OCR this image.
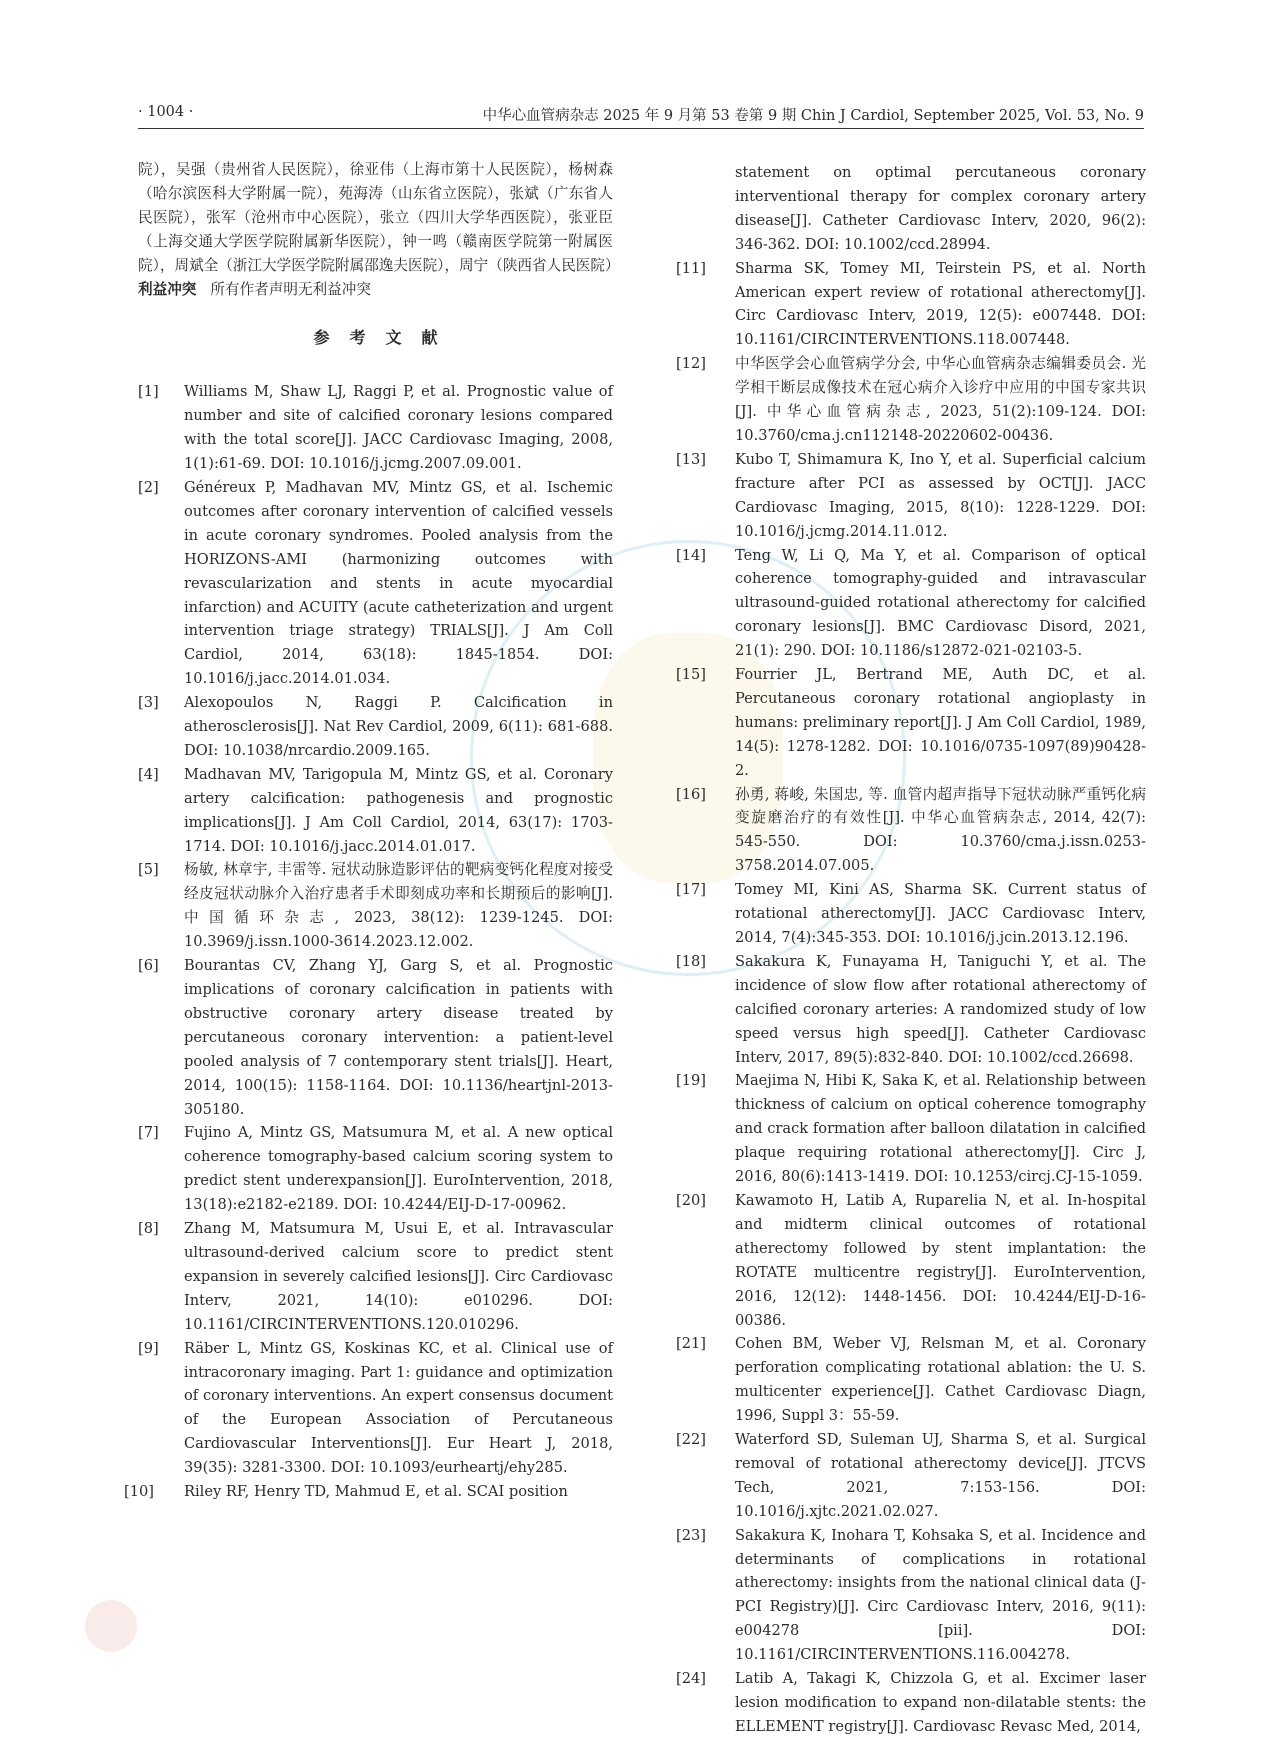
· 1004 ·	中华心血管病杂志 2025 年 9 月第 53 卷第 9 期 Chin J Cardiol, September 2025, Vol. 53, No. 9
院），吴强（贵州省人民医院），徐亚伟（上海市第十人民医院），杨树森（哈尔滨医科大学附属一院），苑海涛（山东省立医院），张斌（广东省人民医院），张军（沧州市中心医院），张立（四川大学华西医院），张亚臣（上海交通大学医学院附属新华医院），钟一鸣（赣南医学院第一附属医院），周斌全（浙江大学医学院附属邵逸夫医院），周宁（陕西省人民医院）
利益冲突 所有作者声明无利益冲突
参考文献
[1]	Williams M, Shaw LJ, Raggi P, et al. Prognostic value of number and site of calcified coronary lesions compared with the total score[J]. JACC Cardiovasc Imaging, 2008, 1(1):61-69. DOI: 10.1016/j.jcmg.2007.09.001.
[2]	Généreux P, Madhavan MV, Mintz GS, et al. Ischemic outcomes after coronary intervention of calcified vessels in acute coronary syndromes. Pooled analysis from the HORIZONS-AMI (harmonizing outcomes with revascularization and stents in acute myocardial infarction) and ACUITY (acute catheterization and urgent intervention triage strategy) TRIALS[J]. J Am Coll Cardiol, 2014, 63(18): 1845-1854. DOI: 10.1016/j.jacc.2014.01.034.
[3]	Alexopoulos N, Raggi P. Calcification in atherosclerosis[J]. Nat Rev Cardiol, 2009, 6(11): 681-688. DOI: 10.1038/nrcardio.2009.165.
[4]	Madhavan MV, Tarigopula M, Mintz GS, et al. Coronary artery calcification: pathogenesis and prognostic implications[J]. J Am Coll Cardiol, 2014, 63(17): 1703-1714. DOI: 10.1016/j.jacc.2014.01.017.
[5]	杨敏, 林章宇, 丰雷等. 冠状动脉造影评估的靶病变钙化程度对接受经皮冠状动脉介入治疗患者手术即刻成功率和长期预后的影响[J]. 中国循环杂志, 2023, 38(12): 1239-1245. DOI: 10.3969/j.issn.1000-3614.2023.12.002.
[6]	Bourantas CV, Zhang YJ, Garg S, et al. Prognostic implications of coronary calcification in patients with obstructive coronary artery disease treated by percutaneous coronary intervention: a patient-level pooled analysis of 7 contemporary stent trials[J]. Heart, 2014, 100(15): 1158-1164. DOI: 10.1136/heartjnl-2013-305180.
[7]	Fujino A, Mintz GS, Matsumura M, et al. A new optical coherence tomography-based calcium scoring system to predict stent underexpansion[J]. EuroIntervention, 2018, 13(18):e2182-e2189. DOI: 10.4244/EIJ-D-17-00962.
[8]	Zhang M, Matsumura M, Usui E, et al. Intravascular ultrasound-derived calcium score to predict stent expansion in severely calcified lesions[J]. Circ Cardiovasc Interv, 2021, 14(10): e010296. DOI: 10.1161/CIRCINTERVENTIONS.120.010296.
[9]	Räber L, Mintz GS, Koskinas KC, et al. Clinical use of intracoronary imaging. Part 1: guidance and optimization of coronary interventions. An expert consensus document of the European Association of Percutaneous Cardiovascular Interventions[J]. Eur Heart J, 2018, 39(35): 3281-3300. DOI: 10.1093/eurheartj/ehy285.
[10]	Riley RF, Henry TD, Mahmud E, et al. SCAI position
statement on optimal percutaneous coronary interventional therapy for complex coronary artery disease[J]. Catheter Cardiovasc Interv, 2020, 96(2): 346-362. DOI: 10.1002/ccd.28994.
[11]	Sharma SK, Tomey MI, Teirstein PS, et al. North American expert review of rotational atherectomy[J]. Circ Cardiovasc Interv, 2019, 12(5): e007448. DOI: 10.1161/CIRCINTERVENTIONS.118.007448.
[12]	中华医学会心血管病学分会, 中华心血管病杂志编辑委员会. 光学相干断层成像技术在冠心病介入诊疗中应用的中国专家共识[J]. 中华心血管病杂志, 2023, 51(2):109-124. DOI: 10.3760/cma.j.cn112148-20220602-00436.
[13]	Kubo T, Shimamura K, Ino Y, et al. Superficial calcium fracture after PCI as assessed by OCT[J]. JACC Cardiovasc Imaging, 2015, 8(10): 1228-1229. DOI: 10.1016/j.jcmg.2014.11.012.
[14]	Teng W, Li Q, Ma Y, et al. Comparison of optical coherence tomography-guided and intravascular ultrasound-guided rotational atherectomy for calcified coronary lesions[J]. BMC Cardiovasc Disord, 2021, 21(1): 290. DOI: 10.1186/s12872-021-02103-5.
[15]	Fourrier JL, Bertrand ME, Auth DC, et al. Percutaneous coronary rotational angioplasty in humans: preliminary report[J]. J Am Coll Cardiol, 1989, 14(5): 1278-1282. DOI: 10.1016/0735-1097(89)90428-2.
[16]	孙勇, 蒋峻, 朱国忠, 等. 血管内超声指导下冠状动脉严重钙化病变旋磨治疗的有效性[J]. 中华心血管病杂志, 2014, 42(7): 545-550. DOI: 10.3760/cma.j.issn.0253-3758.2014.07.005.
[17]	Tomey MI, Kini AS, Sharma SK. Current status of rotational atherectomy[J]. JACC Cardiovasc Interv, 2014, 7(4):345-353. DOI: 10.1016/j.jcin.2013.12.196.
[18]	Sakakura K, Funayama H, Taniguchi Y, et al. The incidence of slow flow after rotational atherectomy of calcified coronary arteries: A randomized study of low speed versus high speed[J]. Catheter Cardiovasc Interv, 2017, 89(5):832-840. DOI: 10.1002/ccd.26698.
[19]	Maejima N, Hibi K, Saka K, et al. Relationship between thickness of calcium on optical coherence tomography and crack formation after balloon dilatation in calcified plaque requiring rotational atherectomy[J]. Circ J, 2016, 80(6):1413-1419. DOI: 10.1253/circj.CJ-15-1059.
[20]	Kawamoto H, Latib A, Ruparelia N, et al. In-hospital and midterm clinical outcomes of rotational atherectomy followed by stent implantation: the ROTATE multicentre registry[J]. EuroIntervention, 2016, 12(12): 1448-1456. DOI: 10.4244/EIJ-D-16-00386.
[21]	Cohen BM, Weber VJ, Relsman M, et al. Coronary perforation complicating rotational ablation: the U. S. multicenter experience[J]. Cathet Cardiovasc Diagn, 1996, Suppl 3：55-59.
[22]	Waterford SD, Suleman UJ, Sharma S, et al. Surgical removal of rotational atherectomy device[J]. JTCVS Tech, 2021, 7:153-156. DOI: 10.1016/j.xjtc.2021.02.027.
[23]	Sakakura K, Inohara T, Kohsaka S, et al. Incidence and determinants of complications in rotational atherectomy: insights from the national clinical data (J-PCI Registry)[J]. Circ Cardiovasc Interv, 2016, 9(11): e004278 [pii]. DOI: 10.1161/CIRCINTERVENTIONS.116.004278.
[24]	Latib A, Takagi K, Chizzola G, et al. Excimer laser lesion modification to expand non-dilatable stents: the ELLEMENT registry[J]. Cardiovasc Revasc Med, 2014,
